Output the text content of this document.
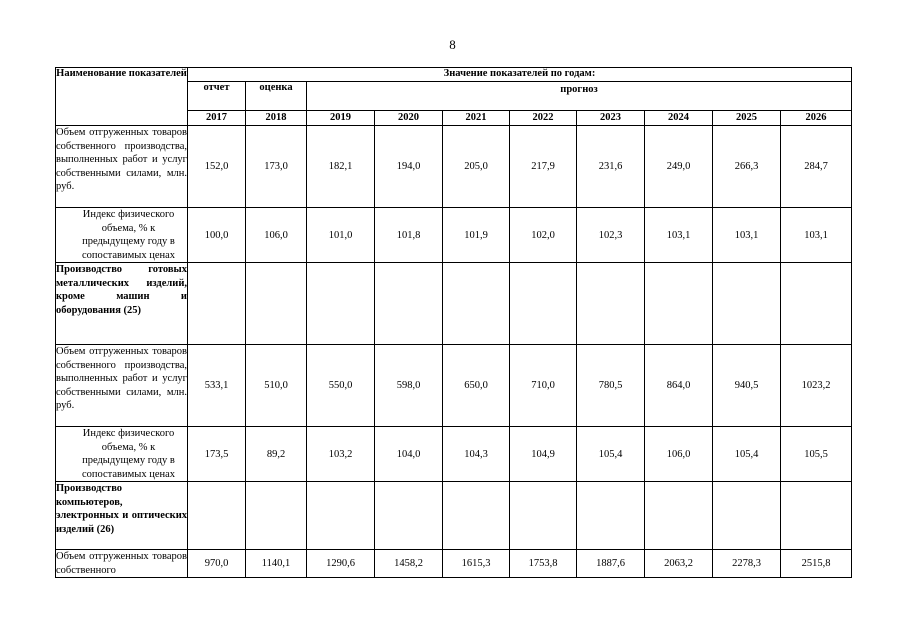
8
Наименование показателей	Значение показателей по годам:									
	отчет	оценка	прогноз							
	2017	2018	2019	2020	2021	2022	2023	2024	2025	2026
Объем отгруженных товаров собственного производства, выполненных работ и услуг собственными силами, млн. руб.	152,0	173,0	182,1	194,0	205,0	217,9	231,6	249,0	266,3	284,7
Индекс физического объема, % к предыдущему году в сопоставимых ценах	100,0	106,0	101,0	101,8	101,9	102,0	102,3	103,1	103,1	103,1
Производство готовых металлических изделий, кроме машин и оборудования (25)										
Объем отгруженных товаров собственного производства, выполненных работ и услуг собственными силами, млн. руб.	533,1	510,0	550,0	598,0	650,0	710,0	780,5	864,0	940,5	1023,2
Индекс физического объема, % к предыдущему году в сопоставимых ценах	173,5	89,2	103,2	104,0	104,3	104,9	105,4	106,0	105,4	105,5
Производство компьютеров, электронных и оптических изделий (26)										
Объем отгруженных товаров собственного	970,0	1140,1	1290,6	1458,2	1615,3	1753,8	1887,6	2063,2	2278,3	2515,8
